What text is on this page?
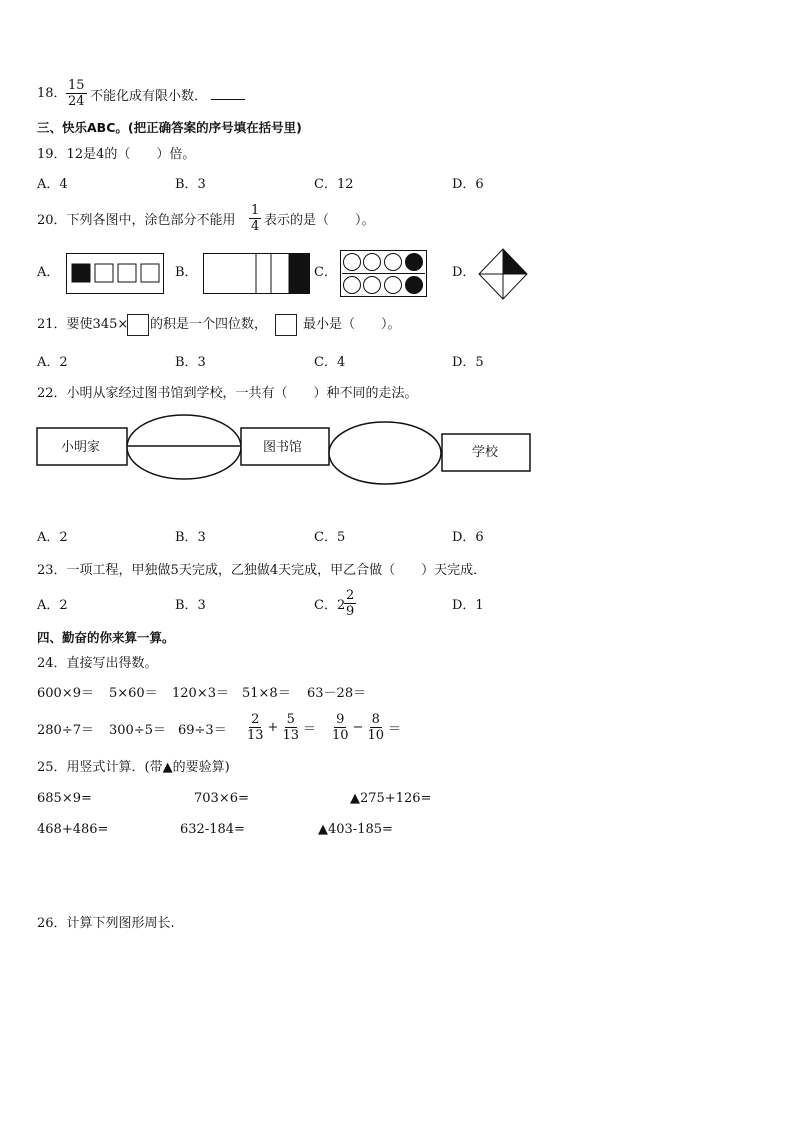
18． $\frac{15}{24}$ 不能化成有限小数．
三、快乐ABC。(把正确答案的序号填在括号里)
19．12是4的（　　）倍。
A．4	B．3	C．12	D．6
20．下列各图中，涂色部分不能用 $\frac{1}{4}$ 表示的是（　　）。
A．	B．	C．	D．
21．要使345× 的积是一个四位数，	最小是（　　）。
A．2	B．3	C．4	D．5
22．小明从家经过图书馆到学校，一共有（　　）种不同的走法。
小明家	图书馆	学校
A．2	B．3	C．5	D．6
23．一项工程，甲独做5天完成，乙独做4天完成，甲乙合做（　　）天完成．
A．2	B．3	C．2
$\frac{2}{9}$	D．1
四、勤奋的你来算一算。
24．直接写出得数。
600×9＝ 5×60＝ 120×3＝ 51×8＝ 63－28＝
$280\div 7= 300\div 5= 69\div 3= \frac{2}{13} + \frac{5}{13} = \frac{9}{10} - \frac{8}{10}$ ＝
25．用竖式计算．(带▲的要验算)
685×9=	703×6=	▲275+126=
468+486=	632-184=	▲403-185=
26．计算下列图形周长.
